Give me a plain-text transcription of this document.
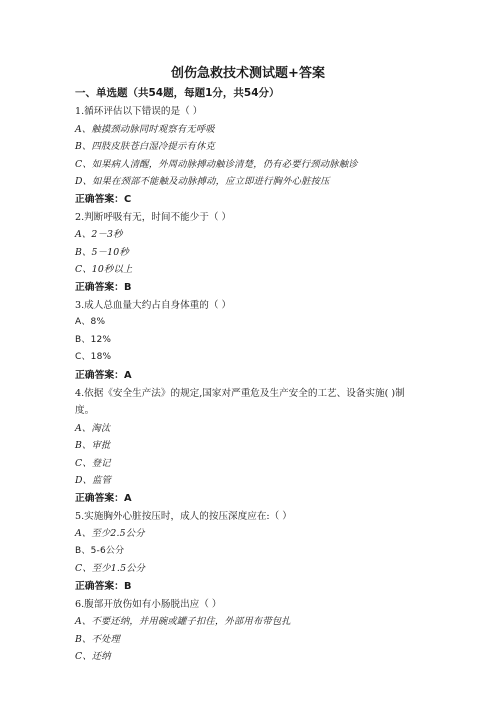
创伤急救技术测试题+答案
一、单选题（共54题，每题1分，共54分）
1.循环评估以下错误的是（ ）
A、触摸颈动脉同时观察有无呼吸
B、四肢皮肤苍白湿冷提示有休克
C、如果病人清醒，外周动脉搏动触诊清楚，仍有必要行颈动脉触诊
D、如果在颈部不能触及动脉搏动，应立即进行胸外心脏按压
正确答案：C
2.判断呼吸有无，时间不能少于（ ）
A、2－3秒
B、5－10秒
C、10秒以上
正确答案：B
3.成人总血量大约占自身体重的（ ）
A、8%
B、12%
C、18%
正确答案：A
4.依据《安全生产法》的规定,国家对严重危及生产安全的工艺、设备实施( )制度。
A、淘汰
B、审批
C、登记
D、监管
正确答案：A
5.实施胸外心脏按压时，成人的按压深度应在:（ ）
A、至少2.5公分
B、5-6公分
C、至少1.5公分
正确答案：B
6.腹部开放伤如有小肠脱出应（ ）
A、不要还纳，并用碗或罐子扣住，外部用布带包扎
B、不处理
C、还纳
